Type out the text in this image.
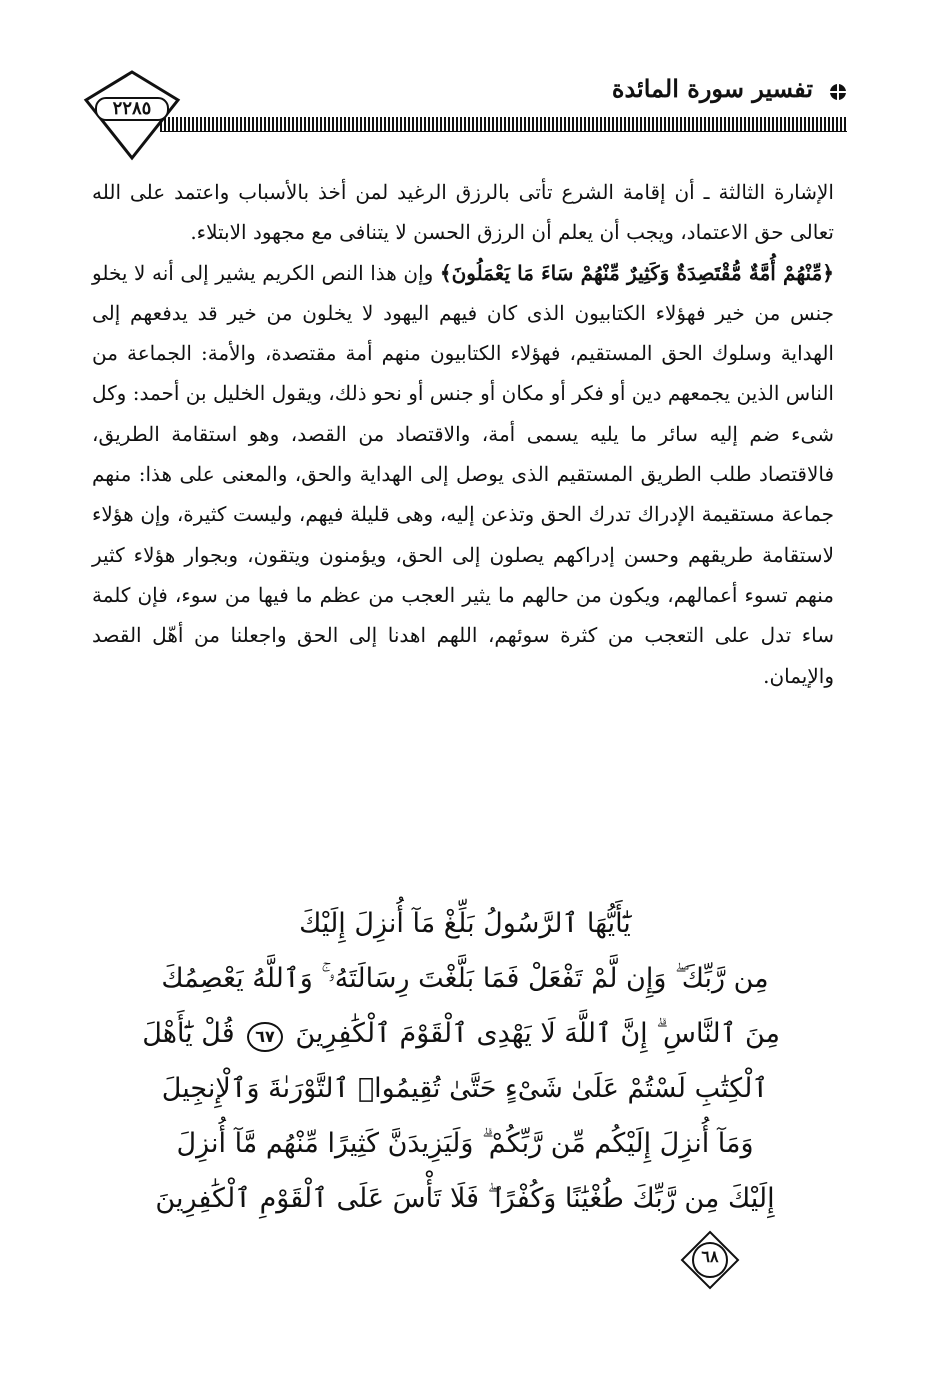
تفسير سورة المائدة
٢٢٨٥

الإشارة الثالثة ـ أن إقامة الشرع تأتى بالرزق الرغيد لمن أخذ بالأسباب واعتمد على الله تعالى حق الاعتماد، ويجب أن يعلم أن الرزق الحسن لا يتنافى مع مجهود الابتلاء.

﴿مِّنْهُمْ أُمَّةٌ مُّقْتَصِدَةٌ وَكَثِيرٌ مِّنْهُمْ سَاءَ مَا يَعْمَلُونَ﴾ وإن هذا النص الكريم يشير إلى أنه لا يخلو جنس من خير فهؤلاء الكتابيون الذى كان فيهم اليهود لا يخلون من خير قد يدفعهم إلى الهداية وسلوك الحق المستقيم، فهؤلاء الكتابيون منهم أمة مقتصدة، والأمة: الجماعة من الناس الذين يجمعهم دين أو فكر أو مكان أو جنس أو نحو ذلك، ويقول الخليل بن أحمد: وكل شىء ضم إليه سائر ما يليه يسمى أمة، والاقتصاد من القصد، وهو استقامة الطريق، فالاقتصاد طلب الطريق المستقيم الذى يوصل إلى الهداية والحق، والمعنى على هذا: منهم جماعة مستقيمة الإدراك تدرك الحق وتذعن إليه، وهى قليلة فيهم، وليست كثيرة، وإن هؤلاء لاستقامة طريقهم وحسن إدراكهم يصلون إلى الحق، ويؤمنون ويتقون، وبجوار هؤلاء كثير منهم تسوء أعمالهم، ويكون من حالهم ما يثير العجب من عظم ما فيها من سوء، فإن كلمة ساء تدل على التعجب من كثرة سوئهم، اللهم اهدنا إلى الحق واجعلنا من أهّل القصد والإيمان.

يَٰٓأَيُّهَا ٱلرَّسُولُ بَلِّغْ مَآ أُنزِلَ إِلَيْكَ
مِن رَّبِّكَ ۖ وَإِن لَّمْ تَفْعَلْ فَمَا بَلَّغْتَ رِسَالَتَهُۥ ۚ وَٱللَّهُ يَعْصِمُكَ
مِنَ ٱلنَّاسِ ۗ إِنَّ ٱللَّهَ لَا يَهْدِى ٱلْقَوْمَ ٱلْكَٰفِرِينَ ٦٧ قُلْ يَٰٓأَهْلَ
ٱلْكِتَٰبِ لَسْتُمْ عَلَىٰ شَىْءٍ حَتَّىٰ تُقِيمُوا۟ ٱلتَّوْرَىٰةَ وَٱلْإِنجِيلَ
وَمَآ أُنزِلَ إِلَيْكُم مِّن رَّبِّكُمْ ۗ وَلَيَزِيدَنَّ كَثِيرًا مِّنْهُم مَّآ أُنزِلَ
إِلَيْكَ مِن رَّبِّكَ طُغْيَٰنًا وَكُفْرًا ۖ فَلَا تَأْسَ عَلَى ٱلْقَوْمِ ٱلْكَٰفِرِينَ
٦٨
